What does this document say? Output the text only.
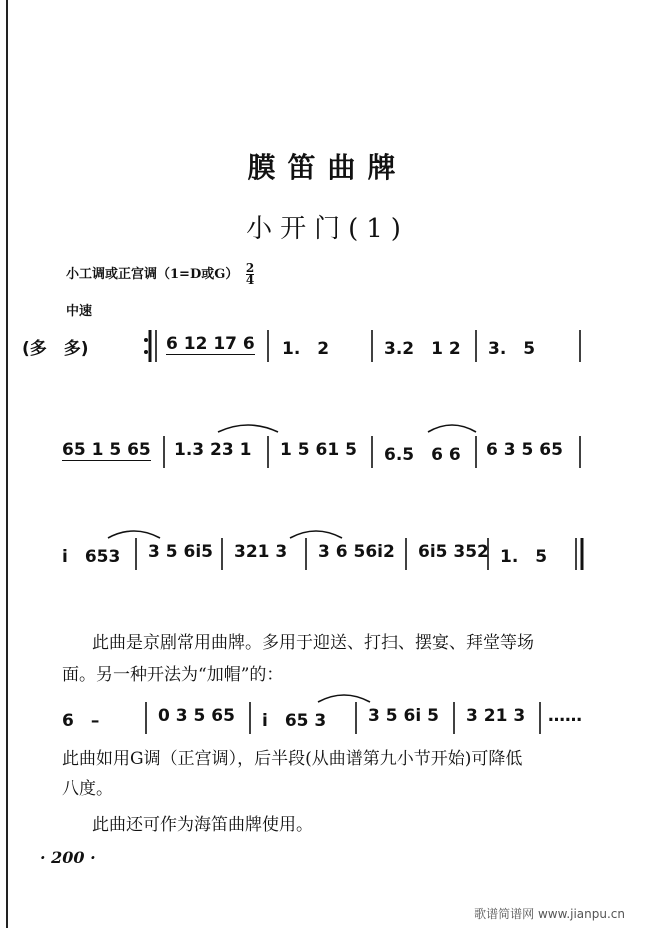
膜笛曲牌
小开门(1)
小工调或正宫调（1=D或$G) \frac{2}{4}$
中速
(多　多)	6 12 17 6 1.　2	3.2　1 2 3.　5
65 1 5 65 1.3 23 1 1 5 61 5 6.5　6 6 6 3 5 65
i　653 3 5 6i5 321 3 3 6 56i2 6i5 352 1.　5
此曲是京剧常用曲牌。多用于迎送、打扫、摆宴、拜堂等场
面。另一种开法为“加帽”的：
6　–	0 3 5 65 i　65 3 3 5 6i 5 3 21 3 ……
此曲如用G调（正宫调），后半段(从曲谱第九小节开始)可降低
八度。
此曲还可作为海笛曲牌使用。
· 200 ·
歌谱简谱网 www.jianpu.cn
